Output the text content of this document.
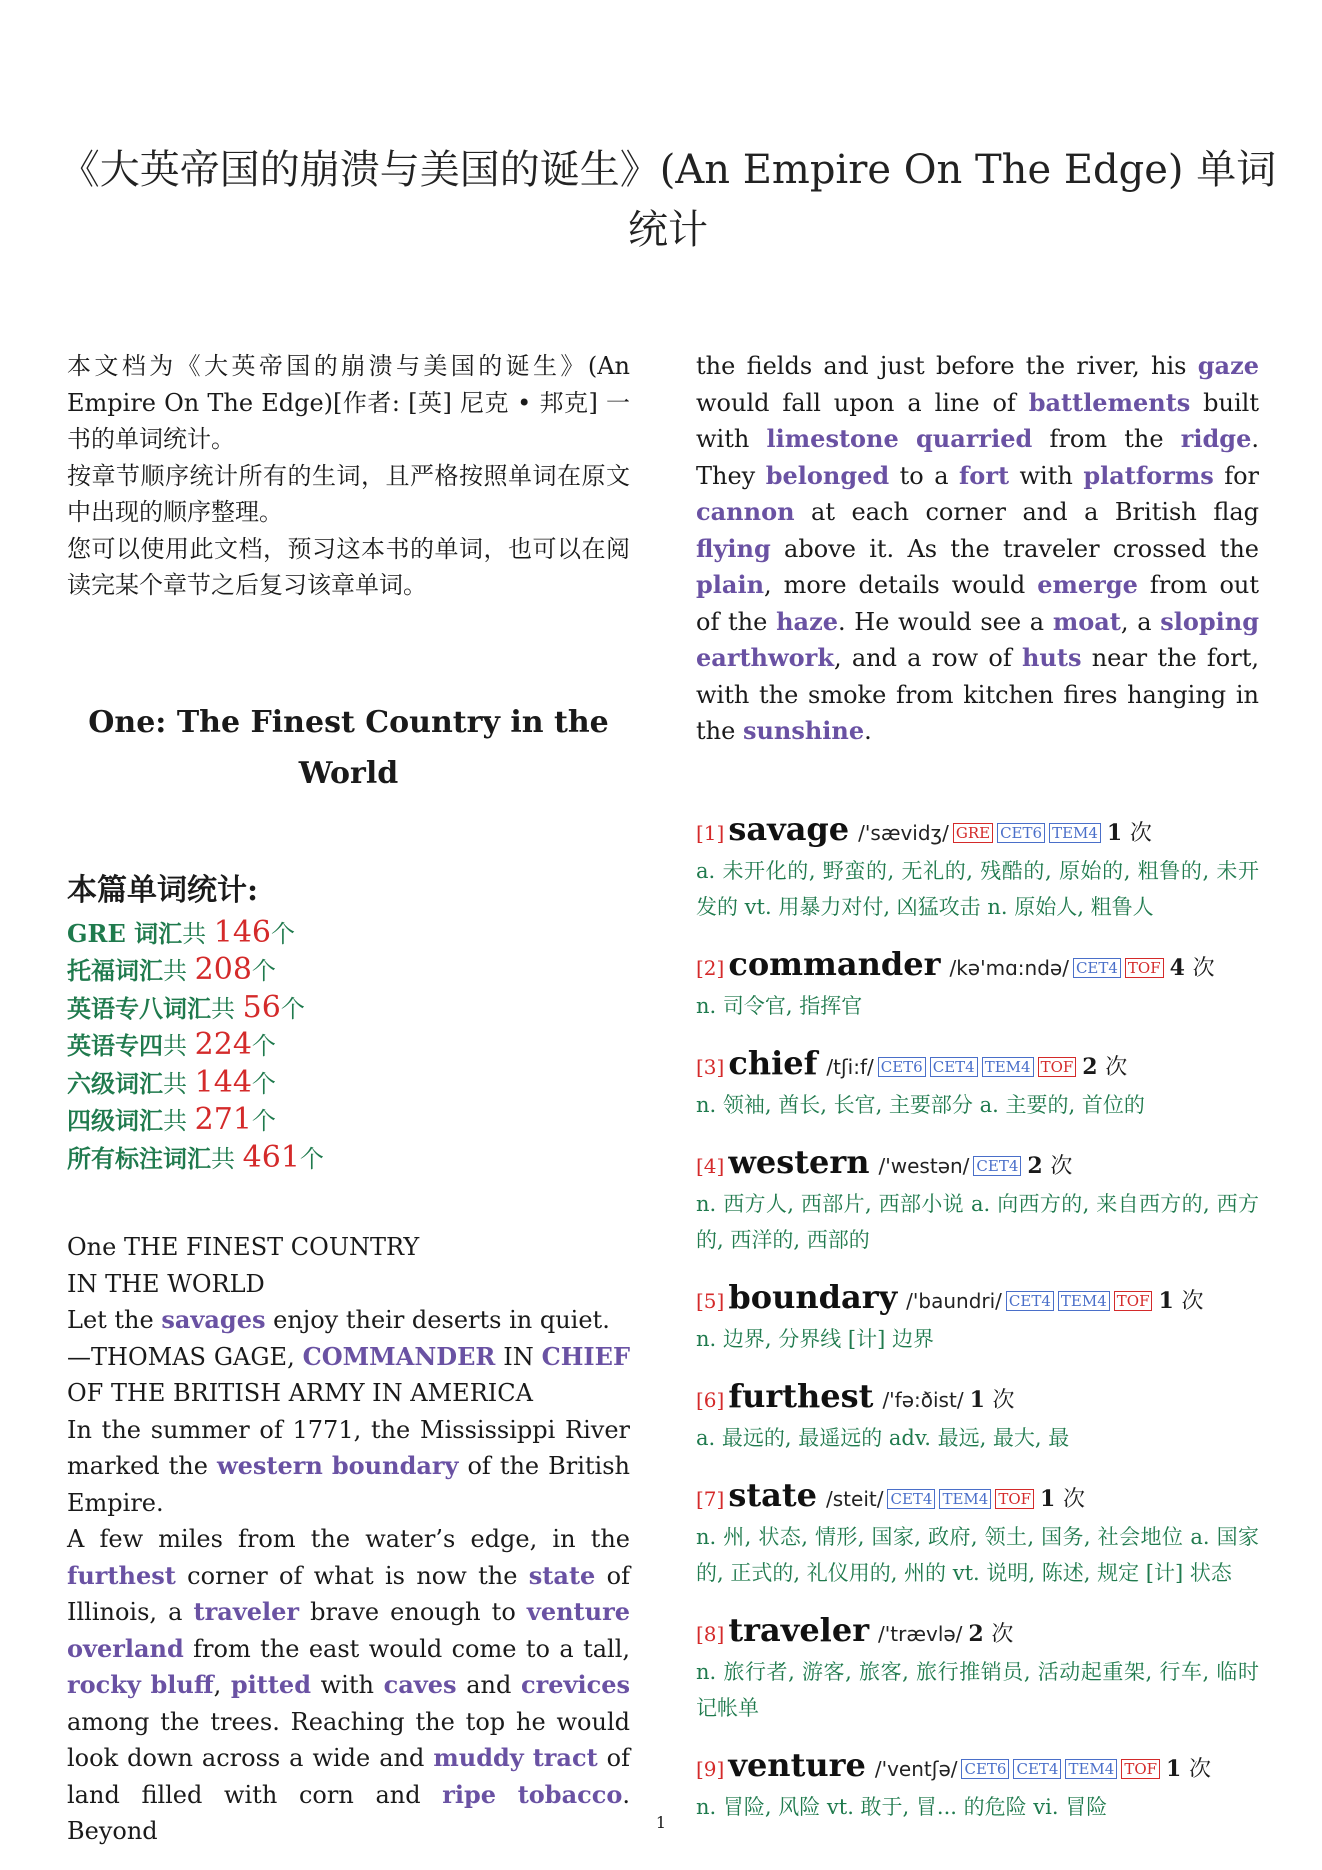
《大英帝国的崩溃与美国的诞生》(An Empire On The Edge) 单词统计

本文档为《大英帝国的崩溃与美国的诞生》(An Empire On The Edge)[作者: [英] 尼克 • 邦克] 一书的单词统计。

按章节顺序统计所有的生词，且严格按照单词在原文中出现的顺序整理。

您可以使用此文档，预习这本书的单词，也可以在阅读完某个章节之后复习该章单词。

One: The Finest Country in the World
本篇单词统计:
GRE 词汇共 146个
托福词汇共 208个
英语专八词汇共 56个
英语专四共 224个
六级词汇共 144个
四级词汇共 271个
所有标注词汇共 461个

One THE FINEST COUNTRY

IN THE WORLD

Let the savages enjoy their deserts in quiet.

—THOMAS GAGE, COMMANDER IN CHIEF OF THE BRITISH ARMY IN AMERICA

In the summer of 1771, the Mississippi River marked the western boundary of the British Empire.

A few miles from the water’s edge, in the furthest corner of what is now the state of Illinois, a traveler brave enough to venture overland from the east would come to a tall, rocky bluff, pitted with caves and crevices among the trees. Reaching the top he would look down across a wide and muddy tract of land filled with corn and ripe tobacco. Beyond

the fields and just before the river, his gaze would fall upon a line of battlements built with limestone quarried from the ridge. They belonged to a fort with platforms for cannon at each corner and a British flag flying above it. As the traveler crossed the plain, more details would emerge from out of the haze. He would see a moat, a sloping earthwork, and a row of huts near the fort, with the smoke from kitchen fires hanging in the sunshine.

[1] savage /'sævidʒ/ GRE CET6 TEM4 1 次
a. 未开化的, 野蛮的, 无礼的, 残酷的, 原始的, 粗鲁的, 未开发的 vt. 用暴力对付, 凶猛攻击 n. 原始人, 粗鲁人
[2] commander /kə'mɑ:ndə/ CET4 TOF 4 次
n. 司令官, 指挥官
[3] chief /tʃi:f/ CET6 CET4 TEM4 TOF 2 次
n. 领袖, 酋长, 长官, 主要部分 a. 主要的, 首位的
[4] western /'westən/ CET4 2 次
n. 西方人, 西部片, 西部小说 a. 向西方的, 来自西方的, 西方的, 西洋的, 西部的
[5] boundary /'baundri/ CET4 TEM4 TOF 1 次
n. 边界, 分界线 [计] 边界
[6] furthest /'fə:ðist/ 1 次
a. 最远的, 最遥远的 adv. 最远, 最大, 最
[7] state /steit/ CET4 TEM4 TOF 1 次
n. 州, 状态, 情形, 国家, 政府, 领土, 国务, 社会地位 a. 国家的, 正式的, 礼仪用的, 州的 vt. 说明, 陈述, 规定 [计] 状态
[8] traveler /'trævlə/ 2 次
n. 旅行者, 游客, 旅客, 旅行推销员, 活动起重架, 行车, 临时记帐单
[9] venture /'ventʃə/ CET6 CET4 TEM4 TOF 1 次
n. 冒险, 风险 vt. 敢于, 冒... 的危险 vi. 冒险
1
